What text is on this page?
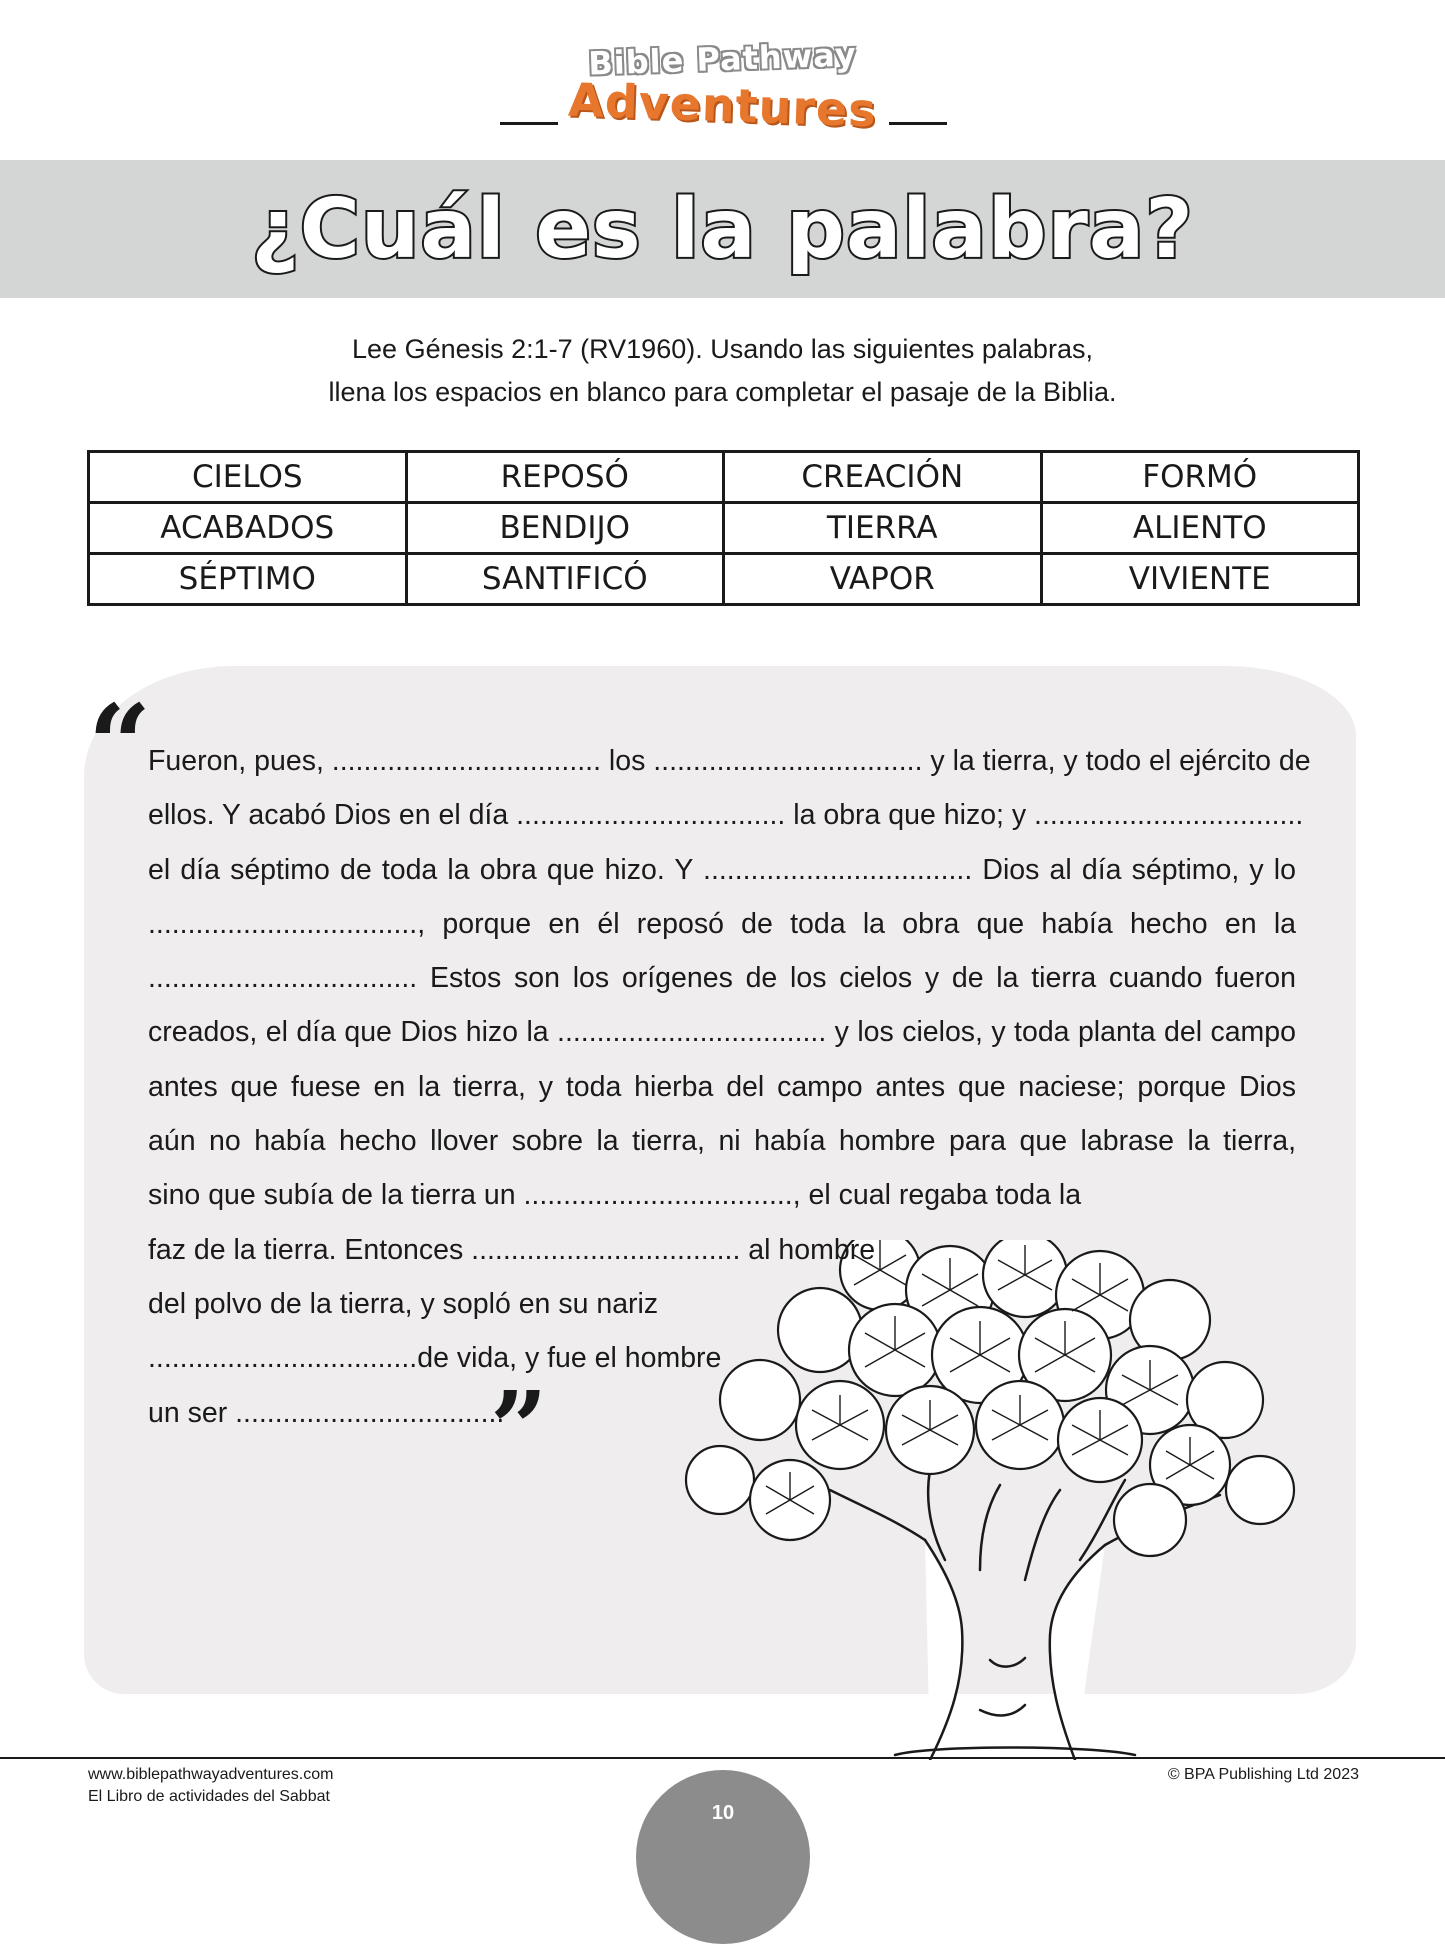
Bible Pathway
Adventures
¿Cuál es la palabra?
Lee Génesis 2:1-7 (RV1960). Usando las siguientes palabras,
llena los espacios en blanco para completar el pasaje de la Biblia.
CIELOS	REPOSÓ	CREACIÓN	FORMÓ
ACABADOS	BENDIJO	TIERRA	ALIENTO
SÉPTIMO	SANTIFICÓ	VAPOR	VIVIENTE
“
Fueron, pues, .................................. los .................................. y la tierra, y todo el ejército de
ellos. Y acabó Dios en el día .................................. la obra que hizo; y ..................................
el día séptimo de toda la obra que hizo. Y .................................. Dios al día séptimo, y lo
.................................., porque en él reposó de toda la obra que había hecho en la
.................................. Estos son los orígenes de los cielos y de la tierra cuando fueron
creados, el día que Dios hizo la .................................. y los cielos, y toda planta del campo
antes que fuese en la tierra, y toda hierba del campo antes que naciese; porque Dios
aún no había hecho llover sobre la tierra, ni había hombre para que labrase la tierra,
sino que subía de la tierra un .................................., el cual regaba toda la
faz de la tierra. Entonces .................................. al hombre
del polvo de la tierra, y sopló en su nariz
..................................de vida, y fue el hombre
un ser ..................................
”
www.biblepathwayadventures.com
El Libro de actividades del Sabbat
© BPA Publishing Ltd 2023
10
